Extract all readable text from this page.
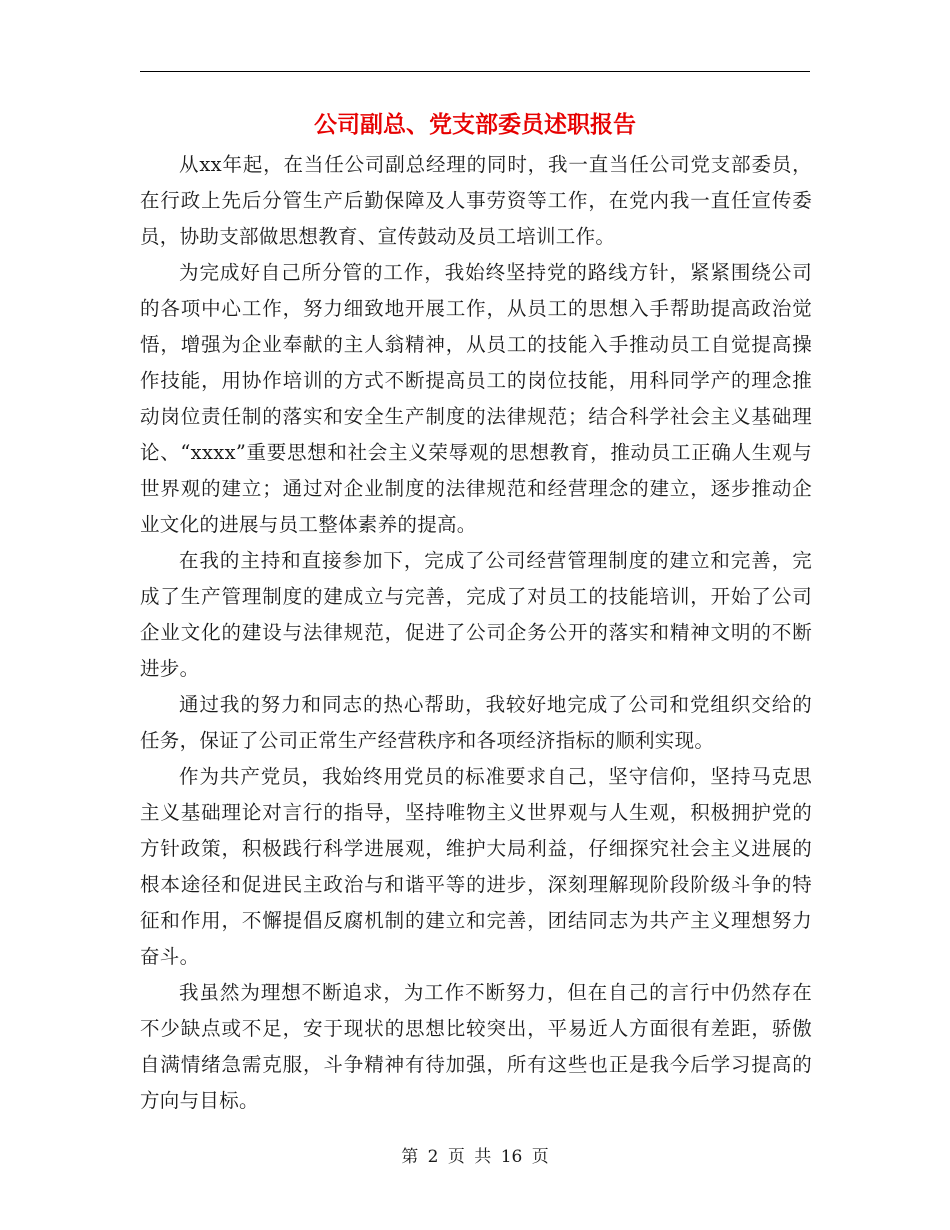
公司副总、党支部委员述职报告

从xx年起，在当任公司副总经理的同时，我一直当任公司党支部委员，在行政上先后分管生产后勤保障及人事劳资等工作，在党内我一直任宣传委员，协助支部做思想教育、宣传鼓动及员工培训工作。

为完成好自己所分管的工作，我始终坚持党的路线方针，紧紧围绕公司的各项中心工作，努力细致地开展工作，从员工的思想入手帮助提高政治觉悟，增强为企业奉献的主人翁精神，从员工的技能入手推动员工自觉提高操作技能，用协作培训的方式不断提高员工的岗位技能，用科同学产的理念推动岗位责任制的落实和安全生产制度的法律规范；结合科学社会主义基础理论、“xxxx”重要思想和社会主义荣辱观的思想教育，推动员工正确人生观与世界观的建立；通过对企业制度的法律规范和经营理念的建立，逐步推动企业文化的进展与员工整体素养的提高。

在我的主持和直接参加下，完成了公司经营管理制度的建立和完善，完成了生产管理制度的建成立与完善，完成了对员工的技能培训，开始了公司企业文化的建设与法律规范，促进了公司企务公开的落实和精神文明的不断进步。

通过我的努力和同志的热心帮助，我较好地完成了公司和党组织交给的任务，保证了公司正常生产经营秩序和各项经济指标的顺利实现。

作为共产党员，我始终用党员的标准要求自己，坚守信仰，坚持马克思主义基础理论对言行的指导，坚持唯物主义世界观与人生观，积极拥护党的方针政策，积极践行科学进展观，维护大局利益，仔细探究社会主义进展的根本途径和促进民主政治与和谐平等的进步，深刻理解现阶段阶级斗争的特征和作用，不懈提倡反腐机制的建立和完善，团结同志为共产主义理想努力奋斗。

我虽然为理想不断追求，为工作不断努力，但在自己的言行中仍然存在不少缺点或不足，安于现状的思想比较突出，平易近人方面很有差距，骄傲自满情绪急需克服，斗争精神有待加强，所有这些也正是我今后学习提高的方向与目标。

第 2 页 共 16 页
